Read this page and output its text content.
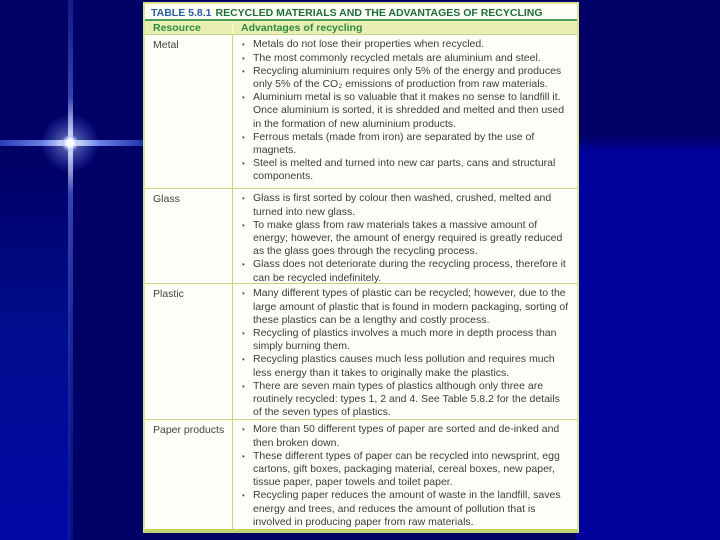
TABLE 5.8.1 RECYCLED MATERIALS AND THE ADVANTAGES OF RECYCLING
Resource	Advantages of recycling
Metal	• Metals do not lose their properties when recycled.
• The most commonly recycled metals are aluminium and steel.
• Recycling aluminium requires only 5% of the energy and produces only 5% of the CO₂ emissions of production from raw materials.
• Aluminium metal is so valuable that it makes no sense to landfill it. Once aluminium is sorted, it is shredded and melted and then used in the formation of new aluminium products.
• Ferrous metals (made from iron) are separated by the use of magnets.
• Steel is melted and turned into new car parts, cans and structural components.
Glass	• Glass is first sorted by colour then washed, crushed, melted and turned into new glass.
• To make glass from raw materials takes a massive amount of energy; however, the amount of energy required is greatly reduced as the glass goes through the recycling process.
• Glass does not deteriorate during the recycling process, therefore it can be recycled indefinitely.
Plastic	• Many different types of plastic can be recycled; however, due to the large amount of plastic that is found in modern packaging, sorting of these plastics can be a lengthy and costly process.
• Recycling of plastics involves a much more in depth process than simply burning them.
• Recycling plastics causes much less pollution and requires much less energy than it takes to originally make the plastics.
• There are seven main types of plastics although only three are routinely recycled: types 1, 2 and 4. See Table 5.8.2 for the details of the seven types of plastics.
Paper products	• More than 50 different types of paper are sorted and de-inked and then broken down.
• These different types of paper can be recycled into newsprint, egg cartons, gift boxes, packaging material, cereal boxes, new paper, tissue paper, paper towels and toilet paper.
• Recycling paper reduces the amount of waste in the landfill, saves energy and trees, and reduces the amount of pollution that is involved in producing paper from raw materials.
